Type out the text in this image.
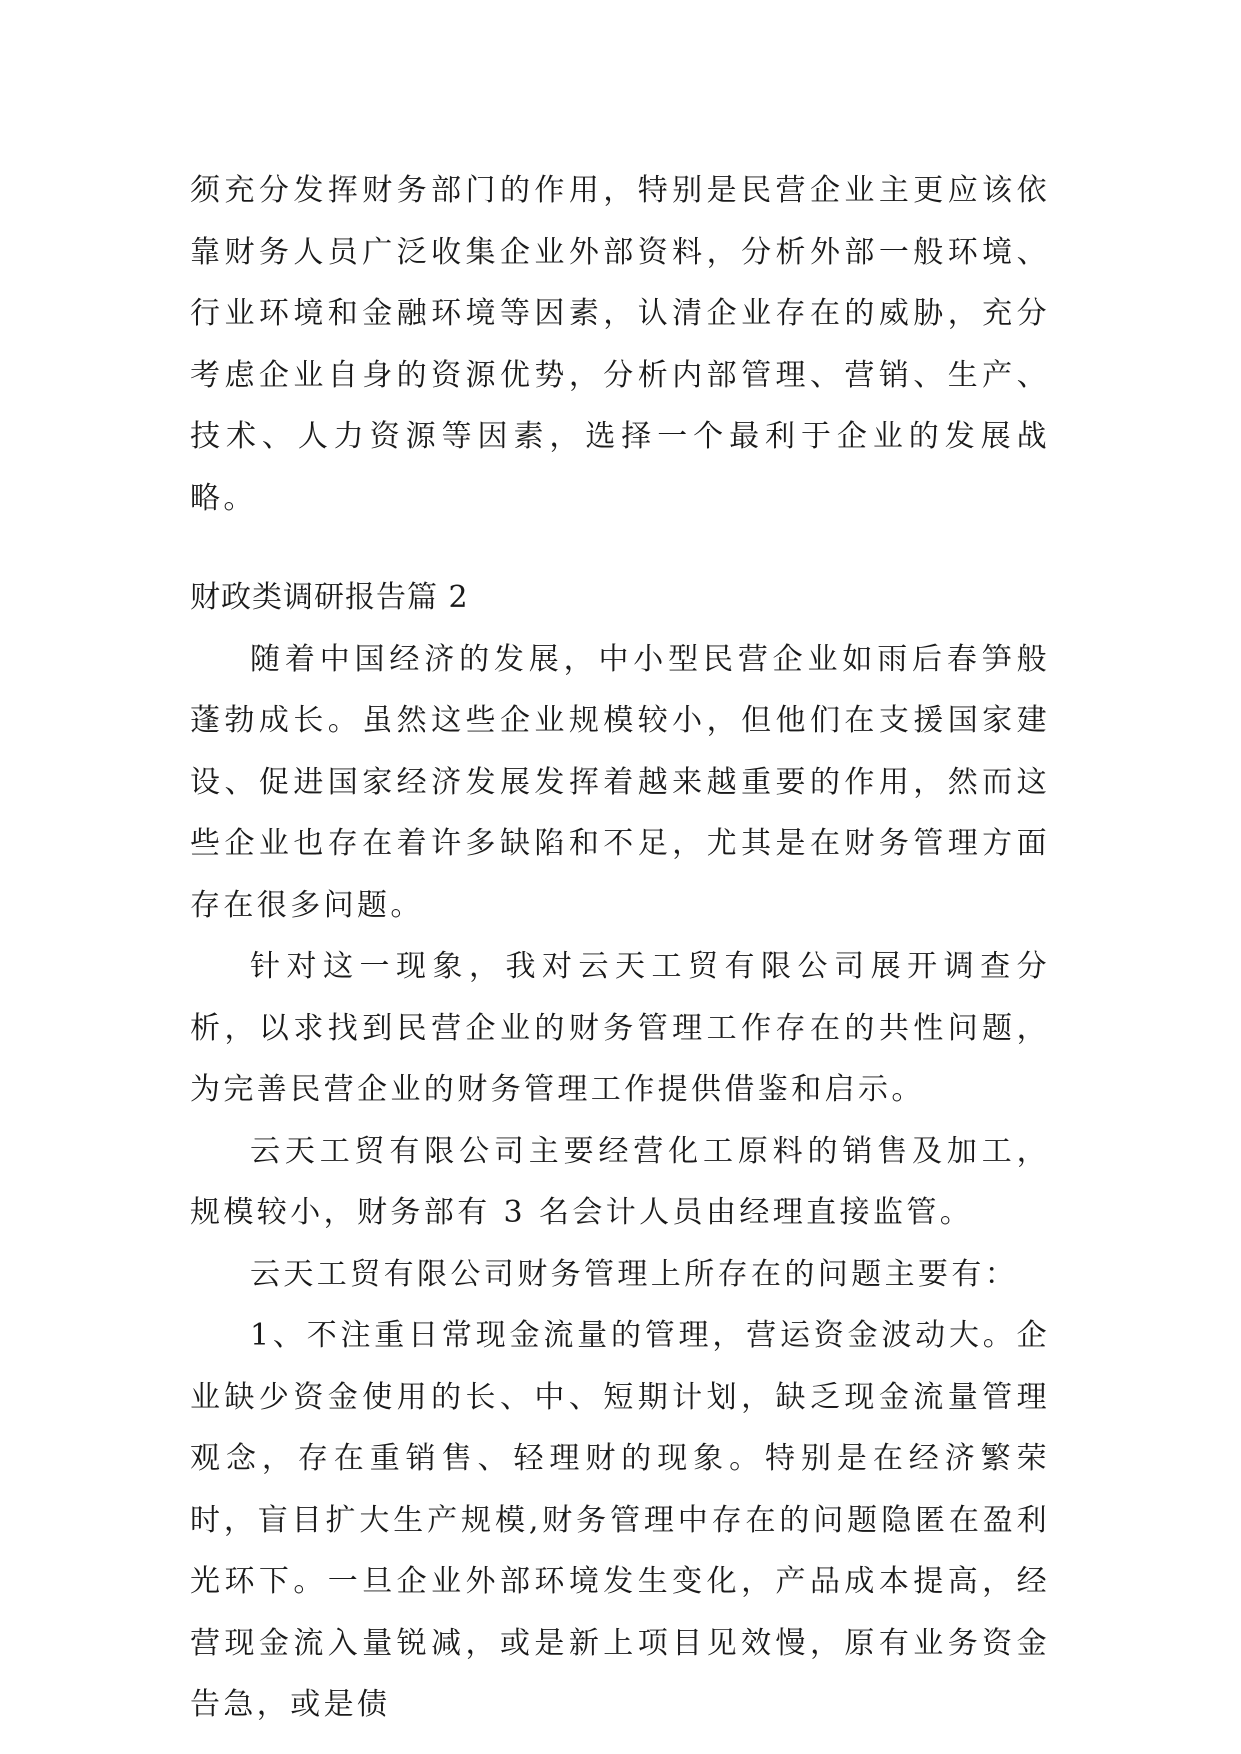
须充分发挥财务部门的作用，特别是民营企业主更应该依靠财务人员广泛收集企业外部资料，分析外部一般环境、行业环境和金融环境等因素，认清企业存在的威胁，充分考虑企业自身的资源优势，分析内部管理、营销、生产、技术、人力资源等因素，选择一个最利于企业的发展战略。

财政类调研报告篇 2

随着中国经济的发展，中小型民营企业如雨后春笋般蓬勃成长。虽然这些企业规模较小，但他们在支援国家建设、促进国家经济发展发挥着越来越重要的作用，然而这些企业也存在着许多缺陷和不足，尤其是在财务管理方面存在很多问题。

针对这一现象，我对云天工贸有限公司展开调查分析，以求找到民营企业的财务管理工作存在的共性问题，为完善民营企业的财务管理工作提供借鉴和启示。

云天工贸有限公司主要经营化工原料的销售及加工，规模较小，财务部有 3 名会计人员由经理直接监管。

云天工贸有限公司财务管理上所存在的问题主要有：

1、不注重日常现金流量的管理，营运资金波动大。企业缺少资金使用的长、中、短期计划，缺乏现金流量管理观念，存在重销售、轻理财的现象。特别是在经济繁荣时，盲目扩大生产规模,财务管理中存在的问题隐匿在盈利光环下。一旦企业外部环境发生变化，产品成本提高，经营现金流入量锐减，或是新上项目见效慢，原有业务资金告急，或是债
